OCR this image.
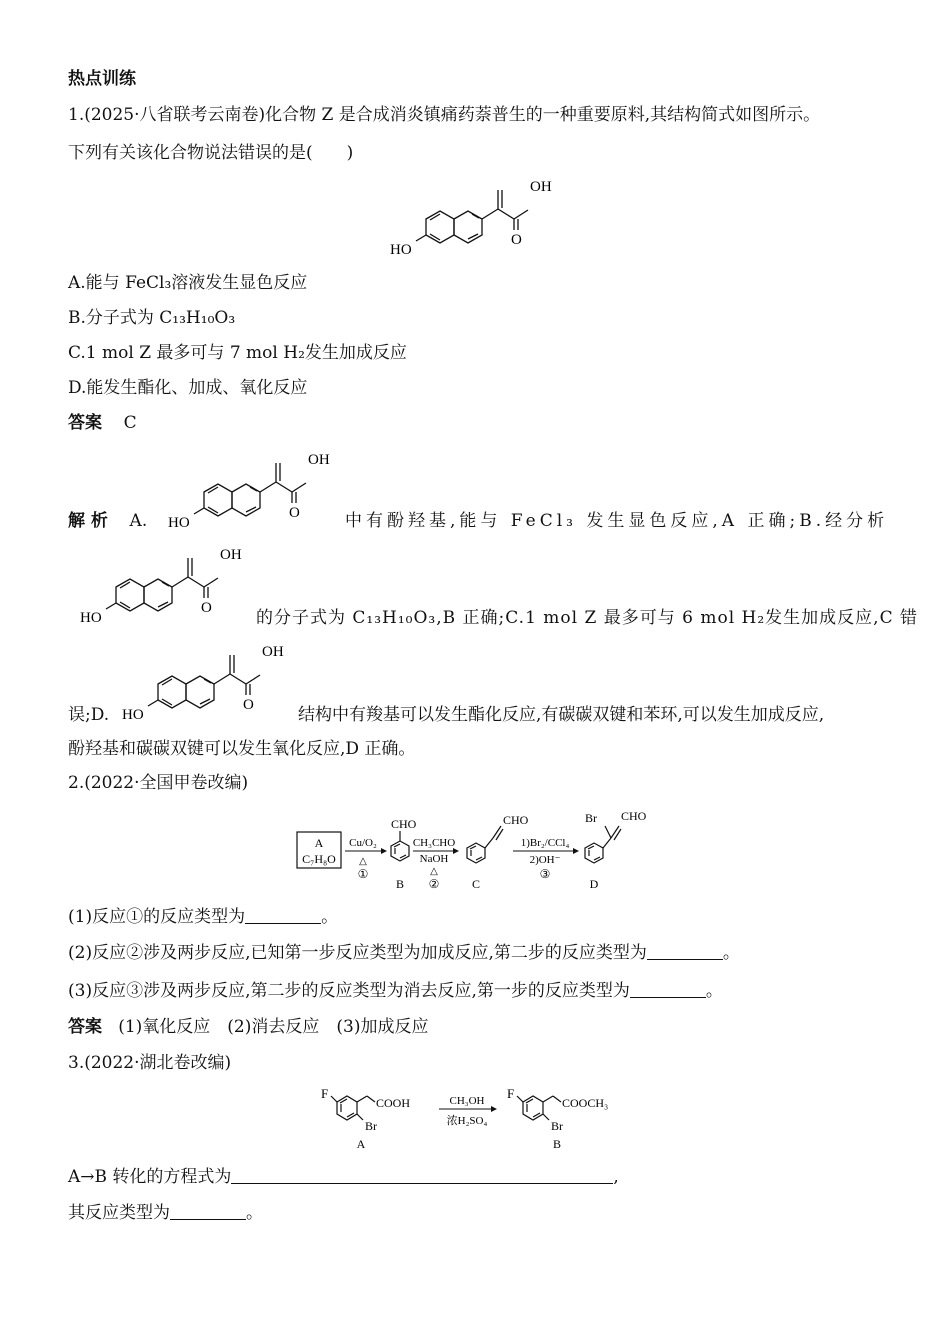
热点训练
1.(2025·八省联考云南卷)化合物 Z 是合成消炎镇痛药萘普生的一种重要原料,其结构简式如图所示。
下列有关该化合物说法错误的是( )
OH
O
HO
A.能与 FeCl₃溶液发生显色反应
B.分子式为 C₁₃H₁₀O₃
C.1 mol Z 最多可与 7 mol H₂发生加成反应
D.能发生酯化、加成、氧化反应
答案 C
OH
O
HO
解 析 A.	中有酚羟基,能与 FeCl₃ 发生显色反应,A 正确;B.经分析
OH
O
HO	的分子式为 C₁₃H₁₀O₃,B 正确;C.1 mol Z 最多可与 6 mol H₂发生加成反应,C 错
OH
O
HO
误;D.	结构中有羧基可以发生酯化反应,有碳碳双键和苯环,可以发生加成反应,
酚羟基和碳碳双键可以发生氧化反应,D 正确。
2.(2022·全国甲卷改编)
A
C₇H₈O
Cu/O₂
△
①
CHO
B
CH₃CHO
NaOH
△
②
CHO
C
1)Br₂/CCl₄
2)OH⁻
③
Br CHO
D
(1)反应①的反应类型为	。
(2)反应②涉及两步反应,已知第一步反应类型为加成反应,第二步的反应类型为	。
(3)反应③涉及两步反应,第二步的反应类型为消去反应,第一步的反应类型为	。
答案 (1)氧化反应　(2)消去反应　(3)加成反应
3.(2022·湖北卷改编)
F
COOH
Br
A
CH₃OH
浓H₂SO₄
F
COOCH₃
Br
B
A→B 转化的方程式为	,
其反应类型为	。
